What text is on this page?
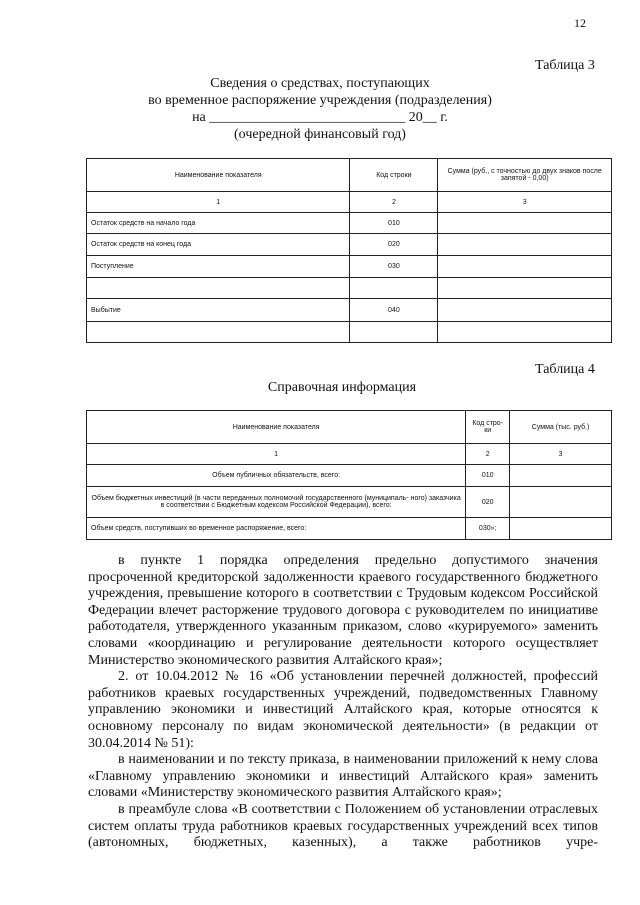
12
Таблица 3
Сведения о средствах, поступающих
во временное распоряжение учреждения (подразделения)
на ____________________________ 20__ г.
(очередной финансовый год)
Наименование показателя	Код строки	Сумма (руб., с точностью до двух знаков после запятой - 0,00)
1	2	3
Остаток средств на начало года	010	
Остаток средств на конец года	020	
Поступление	030	

Выбытие	040	

Таблица 4
Справочная информация
Наименование показателя	Код стро- ки	Сумма (тыс. руб.)
1	2	3
Объем публичных обязательств, всего:	010	
Объем бюджетных инвестиций (в части переданных полномочий государственного (муниципаль- ного) заказчика в соответствии с Бюджетным кодексом Российской Федерации), всего:	020	
Объем средств, поступивших во временное распоряжение, всего:	030»;	

в пункте 1 порядка определения предельно допустимого значения просроченной кредиторской задолженности краевого государственного бюджетного учреждения, превышение которого в соответствии с Трудовым кодексом Российской Федерации влечет расторжение трудового договора с руководителем по инициативе работодателя, утвержденного указанным приказом, слово «курируемого» заменить словами «координацию и регулирование деятельности которого осуществляет Министерство экономического развития Алтайского края»;

2. от 10.04.2012 № 16 «Об установлении перечней должностей, профессий работников краевых государственных учреждений, подведомственных Главному управлению экономики и инвестиций Алтайского края, которые относятся к основному персоналу по видам экономической деятельности» (в редакции от 30.04.2014 № 51):

в наименовании и по тексту приказа, в наименовании приложений к нему слова «Главному управлению экономики и инвестиций Алтайского края» заменить словами «Министерству экономического развития Алтайского края»;

в преамбуле слова «В соответствии с Положением об установлении отраслевых систем оплаты труда работников краевых государственных учреждений всех типов (автономных, бюджетных, казенных), а также работников учре-
